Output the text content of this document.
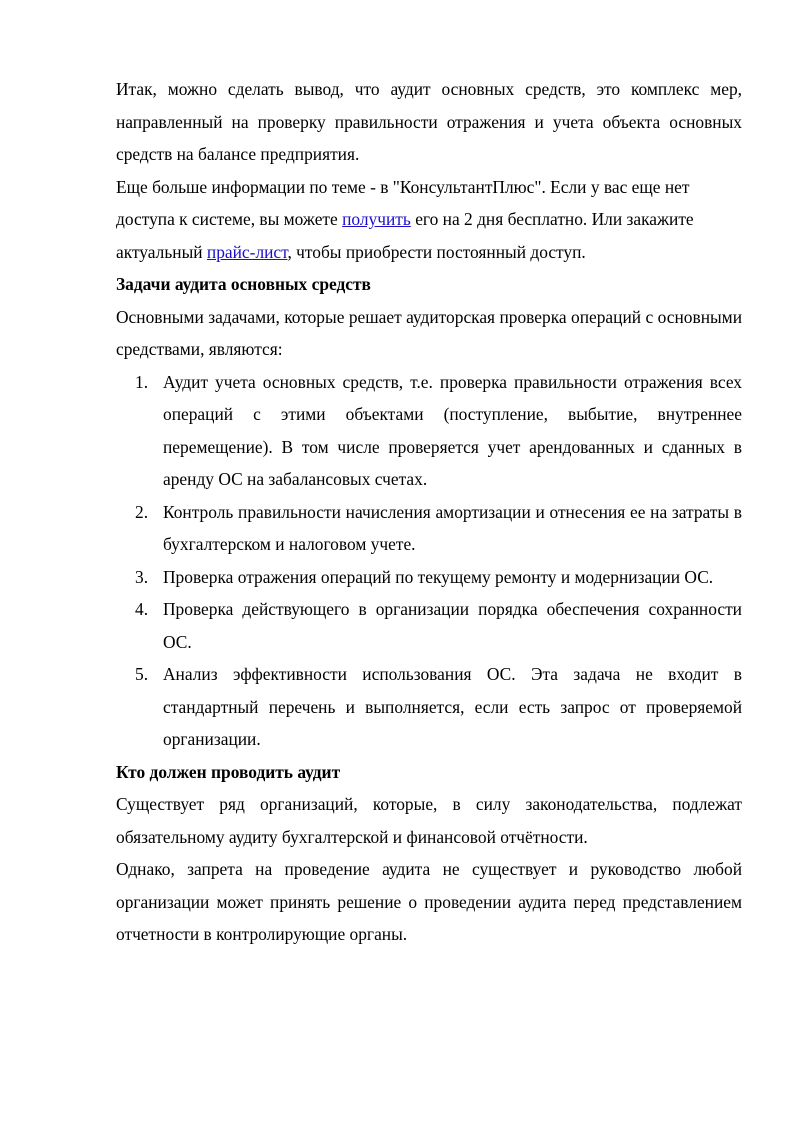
Итак, можно сделать вывод, что аудит основных средств, это комплекс мер, направленный на проверку правильности отражения и учета объекта основных средств на балансе предприятия.

Еще больше информации по теме - в "КонсультантПлюс". Если у вас еще нет доступа к системе, вы можете получить его на 2 дня бесплатно. Или закажите актуальный прайс-лист, чтобы приобрести постоянный доступ.

Задачи аудита основных средств

Основными задачами, которые решает аудиторская проверка операций с основными средствами, являются:

1. Аудит учета основных средств, т.е. проверка правильности отражения всех операций с этими объектами (поступление, выбытие, внутреннее перемещение). В том числе проверяется учет арендованных и сданных в аренду ОС на забалансовых счетах.
2. Контроль правильности начисления амортизации и отнесения ее на затраты в бухгалтерском и налоговом учете.
3. Проверка отражения операций по текущему ремонту и модернизации ОС.
4. Проверка действующего в организации порядка обеспечения сохранности ОС.
5. Анализ эффективности использования ОС. Эта задача не входит в стандартный перечень и выполняется, если есть запрос от проверяемой организации.
Кто должен проводить аудит

Существует ряд организаций, которые, в силу законодательства, подлежат обязательному аудиту бухгалтерской и финансовой отчётности.

Однако, запрета на проведение аудита не существует и руководство любой организации может принять решение о проведении аудита перед представлением отчетности в контролирующие органы.
